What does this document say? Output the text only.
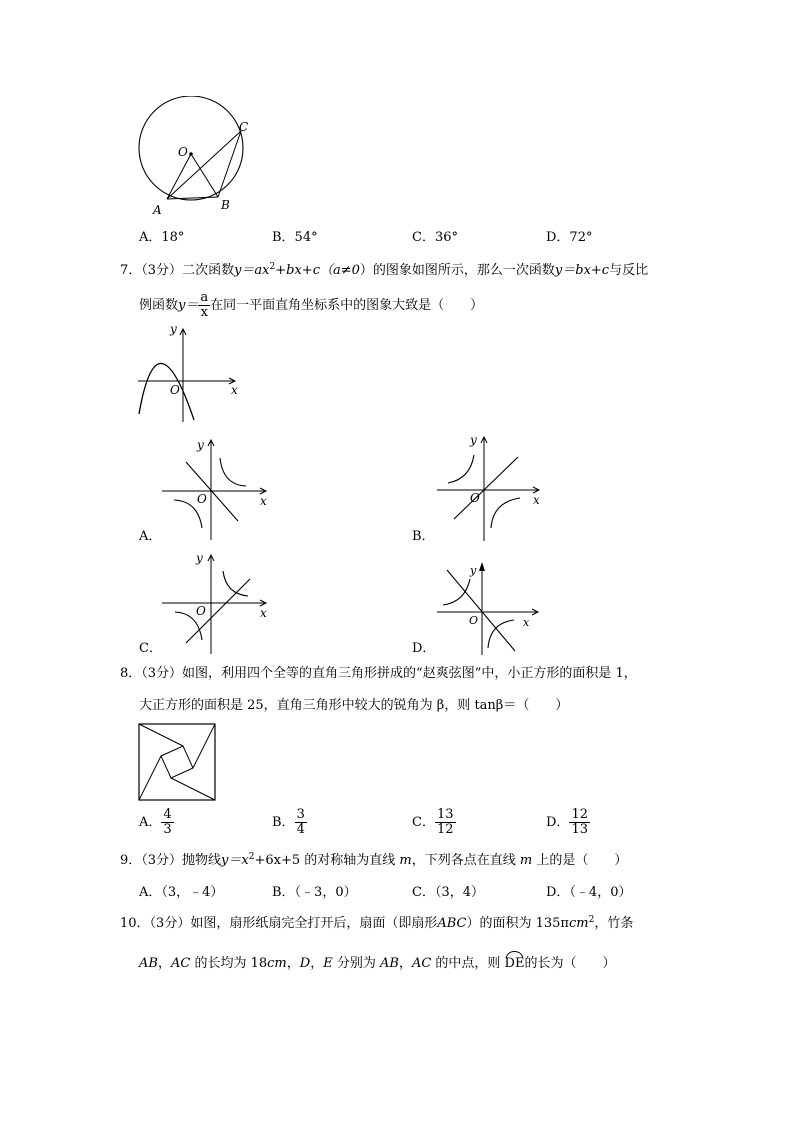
O
A	B
C
A．18°	B．54°	C．36°	D．72°
7．（3分）二次函数$y=ax^2+bx+c(a\ne 0)$的图象如图所示，那么一次函数y＝bx+c与反比
例函数$y= \frac{a}{x}$ 在同一平面直角坐标系中的图象大致是（　　）
y
x
O
y
x
O
A．
y
x
O
B．
y
x
O
C．
y
x
O
D．
8．（3分）如图，利用四个全等的直角三角形拼成的“赵爽弦图”中，小正方形的面积是 1，
大正方形的面积是 25，直角三角形中较大的锐角为 β，则 tanβ＝（　　）
A． $\frac{4}{3}$	B． $\frac{3}{4}$	C． $\frac{13}{12}$	D． $\frac{12}{13}$
9．（3分）抛物线$y=x^2+6x+5$ 的对称轴为直线 m，下列各点在直线 m 上的是（　　）
A．（3，﹣4）	B．（﹣3，0）	C．（3，4）	D．（﹣4，0）
10．（3分）如图，扇形纸扇完全打开后，扇面（即扇形ABC）的面积为 135πcm$^2$，竹条
AB，AC 的长均为 18cm，D，E 分别为 AB，AC 的中点，则 DE的长为（　　）
